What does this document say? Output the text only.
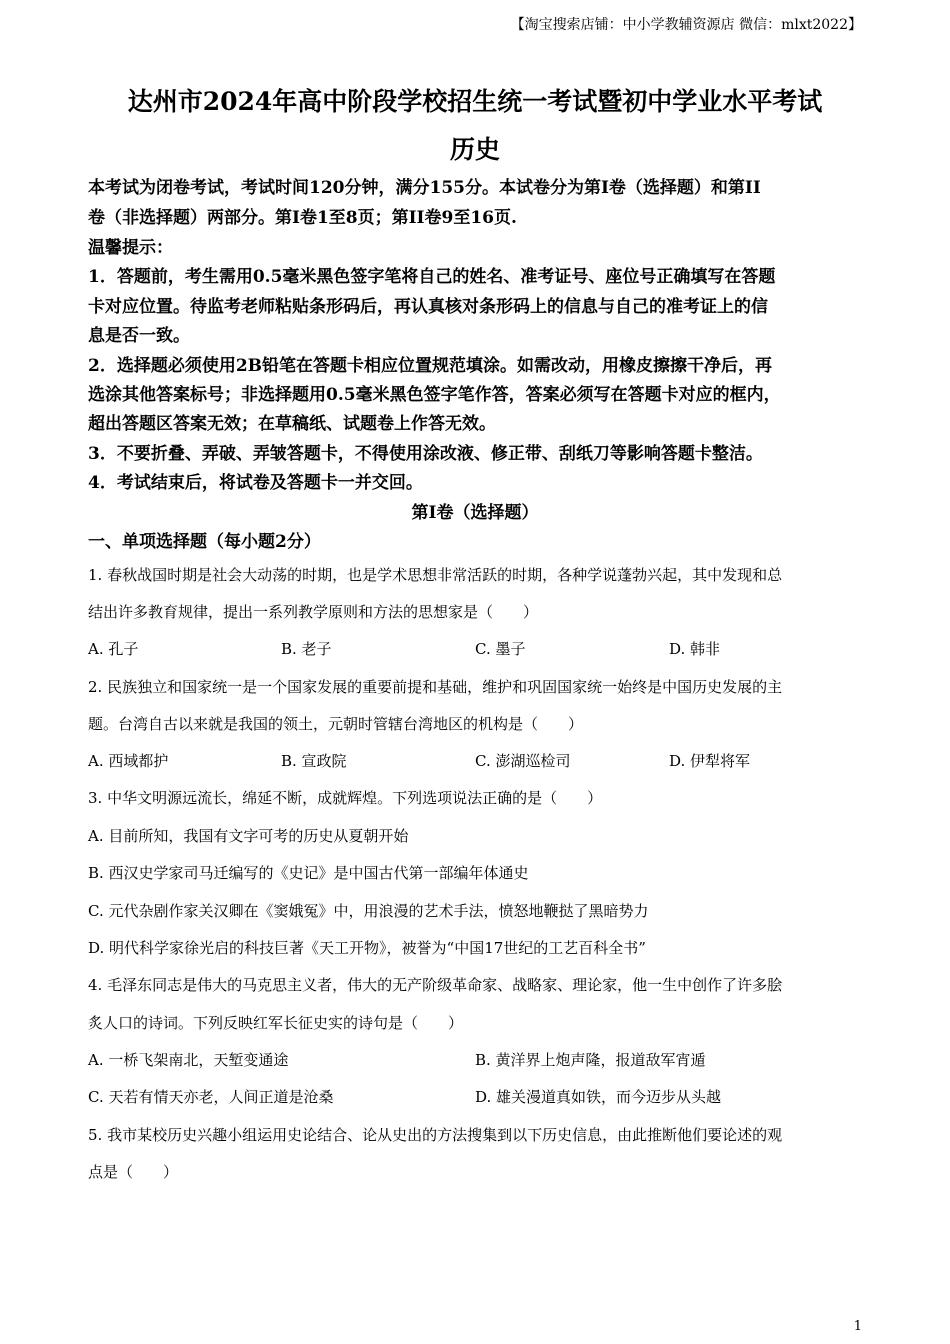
【淘宝搜索店铺：中小学教辅资源店 微信：mlxt2022】
达州市2024年高中阶段学校招生统一考试暨初中学业水平考试
历史
本考试为闭卷考试，考试时间120分钟，满分155分。本试卷分为第I卷（选择题）和第II
卷（非选择题）两部分。第I卷1至8页；第II卷9至16页.
温馨提示：
1．答题前，考生需用0.5毫米黑色签字笔将自己的姓名、准考证号、座位号正确填写在答题
卡对应位置。待监考老师粘贴条形码后，再认真核对条形码上的信息与自己的准考证上的信
息是否一致。
2．选择题必须使用2B铅笔在答题卡相应位置规范填涂。如需改动，用橡皮擦擦干净后，再
选涂其他答案标号；非选择题用0.5毫米黑色签字笔作答，答案必须写在答题卡对应的框内，
超出答题区答案无效；在草稿纸、试题卷上作答无效。
3．不要折叠、弄破、弄皱答题卡，不得使用涂改液、修正带、刮纸刀等影响答题卡整洁。
4．考试结束后，将试卷及答题卡一并交回。
第Ⅰ卷（选择题）
一、单项选择题（每小题2分）
1. 春秋战国时期是社会大动荡的时期，也是学术思想非常活跃的时期，各种学说蓬勃兴起，其中发现和总
结出许多教育规律，提出一系列教学原则和方法的思想家是（　　）
A. 孔子	B. 老子	C. 墨子	D. 韩非
2. 民族独立和国家统一是一个国家发展的重要前提和基础，维护和巩固国家统一始终是中国历史发展的主
题。台湾自古以来就是我国的领土，元朝时管辖台湾地区的机构是（　　）
A. 西域都护	B. 宣政院	C. 澎湖巡检司	D. 伊犁将军
3. 中华文明源远流长，绵延不断，成就辉煌。下列选项说法正确的是（　　）
A. 目前所知，我国有文字可考的历史从夏朝开始
B. 西汉史学家司马迁编写的《史记》是中国古代第一部编年体通史
C. 元代杂剧作家关汉卿在《窦娥冤》中，用浪漫的艺术手法，愤怒地鞭挞了黑暗势力
D. 明代科学家徐光启的科技巨著《天工开物》，被誉为“中国17世纪的工艺百科全书”
4. 毛泽东同志是伟大的马克思主义者，伟大的无产阶级革命家、战略家、理论家，他一生中创作了许多脍
炙人口的诗词。下列反映红军长征史实的诗句是（　　）
A. 一桥飞架南北，天堑变通途	B. 黄洋界上炮声隆，报道敌军宵遁
C. 天若有情天亦老，人间正道是沧桑	D. 雄关漫道真如铁，而今迈步从头越
5. 我市某校历史兴趣小组运用史论结合、论从史出的方法搜集到以下历史信息，由此推断他们要论述的观
点是（　　）
1
